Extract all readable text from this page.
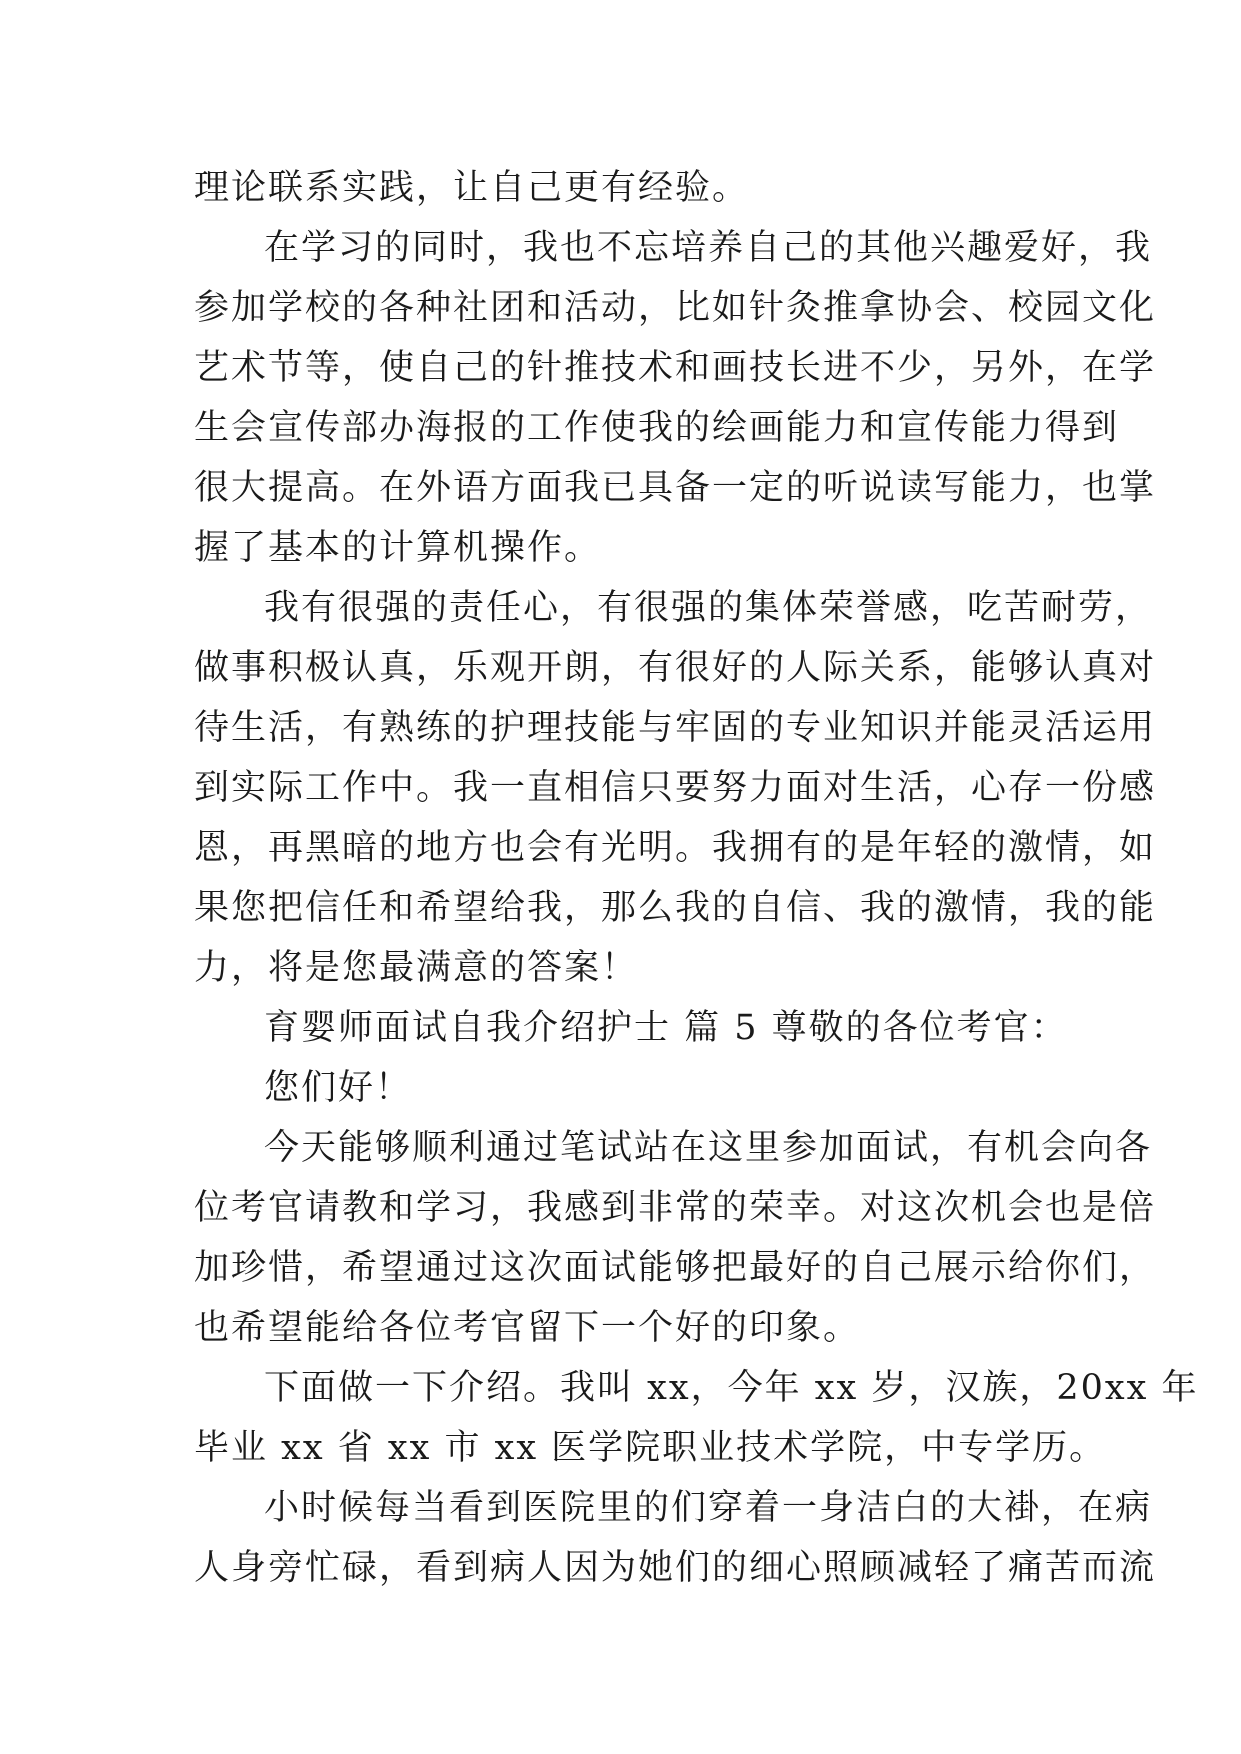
理论联系实践，让自己更有经验。
在学习的同时，我也不忘培养自己的其他兴趣爱好，我
参加学校的各种社团和活动，比如针灸推拿协会、校园文化
艺术节等，使自己的针推技术和画技长进不少，另外，在学
生会宣传部办海报的工作使我的绘画能力和宣传能力得到
很大提高。在外语方面我已具备一定的听说读写能力，也掌
握了基本的计算机操作。
我有很强的责任心，有很强的集体荣誉感，吃苦耐劳，
做事积极认真，乐观开朗，有很好的人际关系，能够认真对
待生活，有熟练的护理技能与牢固的专业知识并能灵活运用
到实际工作中。我一直相信只要努力面对生活，心存一份感
恩，再黑暗的地方也会有光明。我拥有的是年轻的激情，如
果您把信任和希望给我，那么我的自信、我的激情，我的能
力，将是您最满意的答案！
育婴师面试自我介绍护士 篇 5 尊敬的各位考官：
您们好！
今天能够顺利通过笔试站在这里参加面试，有机会向各
位考官请教和学习，我感到非常的荣幸。对这次机会也是倍
加珍惜，希望通过这次面试能够把最好的自己展示给你们，
也希望能给各位考官留下一个好的印象。
下面做一下介绍。我叫 xx，今年 xx 岁，汉族，20xx 年
毕业 xx 省 xx 市 xx 医学院职业技术学院，中专学历。
小时候每当看到医院里的们穿着一身洁白的大褂，在病
人身旁忙碌，看到病人因为她们的细心照顾减轻了痛苦而流
